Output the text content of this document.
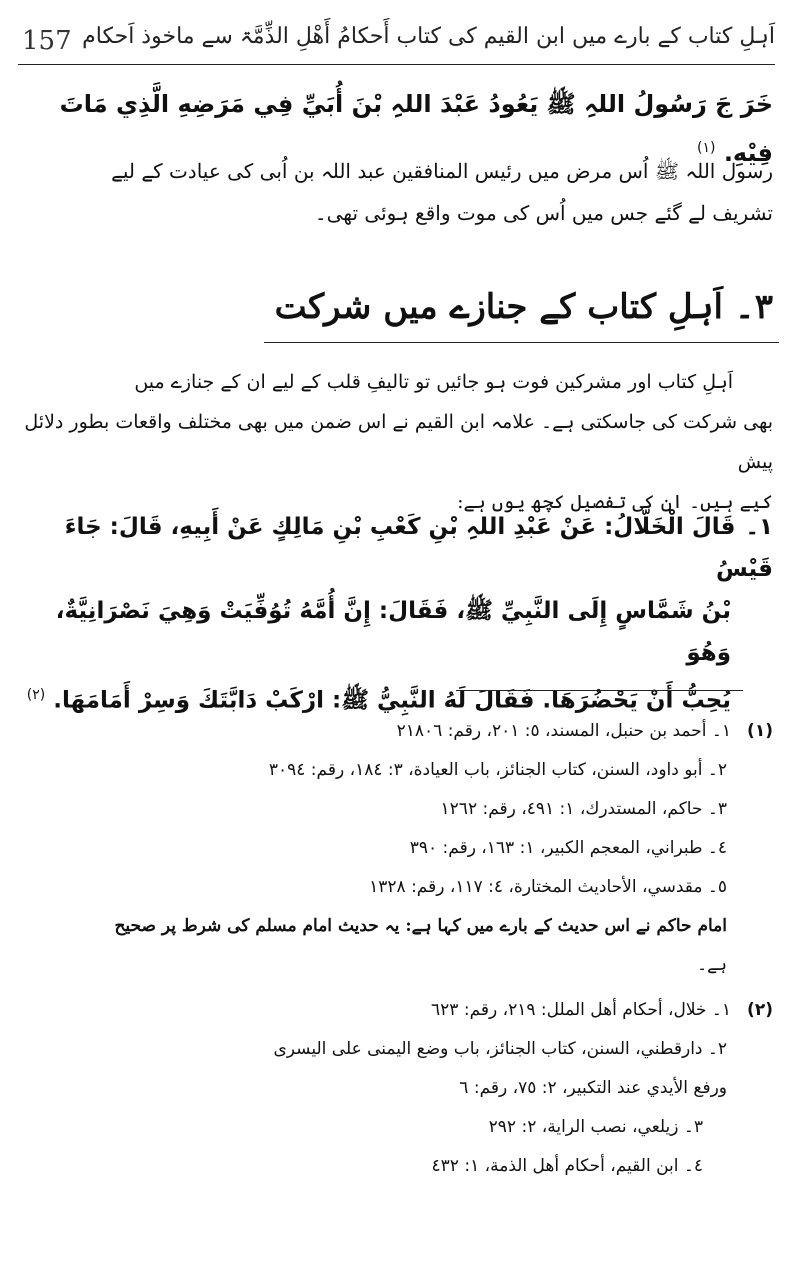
157 اَہلِ کتاب کے بارے میں ابن القیم کی کتاب أَحکامُ أَھْلِ الذِّمَّۃ سے ماخوذ اَحکام
خَرَ جَ رَسُولُ اللہِ ﷺ يَعُودُ عَبْدَ اللہِ بْنَ أُبَيِّ فِي مَرَضِهِ الَّذِي مَاتَ فِيْهِ. $^{(١)}$
رسول اللہ ﷺ اُس مرض میں رئیس المنافقین عبد اللہ بن اُبی کی عیادت کے لیے
تشریف لے گئے جس میں اُس کی موت واقع ہوئی تھی۔
٣۔ اَہلِ کتاب کے جنازے میں شرکت
اَہلِ کتاب اور مشرکین فوت ہو جائیں تو تالیفِ قلب کے لیے ان کے جنازے میں
بھی شرکت کی جاسکتی ہے۔ علامہ ابن القیم نے اس ضمن میں بھی مختلف واقعات بطور دلائل پیش
کیے ہیں۔ ان کی تفصیل کچھ یوں ہے:
١۔قَالَ الْخَلَّالُ: عَنْ عَبْدِ اللہِ بْنِ كَعْبِ بْنِ مَالِكٍ عَنْ أَبِيهِ، قَالَ: جَاءَ قَيْسُ
بْنُ شَمَّاسٍ إِلَى النَّبِيِّ ﷺ، فَقَالَ: إِنَّ أُمَّهُ تُوُفِّيَتْ وَهِيَ نَصْرَانِيَّةٌ، وَهُوَ
يُحِبُّ أَنْ يَحْضُرَهَا. فَقَالَ لَهُ النَّبِيُّ ﷺ: ارْكَبْ دَابَّتَكَ وَسِرْ أَمَامَهَا. $^{(٢)}$
(١)١۔ أحمد بن حنبل، المسند، ٥: ٢٠١، رقم: ٢١٨٠٦
٢۔ أبو داود، السنن، كتاب الجنائز، باب العيادة، ٣: ١٨٤، رقم: ٣٠٩٤
٣۔ حاكم، المستدرك، ١: ٤٩١، رقم: ١٢٦٢
٤۔ طبراني، المعجم الكبير، ١: ١٦٣، رقم: ٣٩٠
٥۔ مقدسي، الأحاديث المختارة، ٤: ١١٧، رقم: ١٣٢٨
امام حاکم نے اس حدیث کے بارے میں کہا ہے: یہ حدیث امام مسلم کی شرط پر صحیح
ہے۔
(٢)١۔ خلال، أحكام أهل الملل: ٢١٩، رقم: ٦٢٣
٢۔ دارقطني، السنن، كتاب الجنائز، باب وضع اليمنى على اليسرى
ورفع الأيدي عند التكبير، ٢: ٧٥، رقم: ٦
٣۔ زيلعي، نصب الراية، ٢: ٢٩٢
٤۔ ابن القيم، أحكام أهل الذمة، ١: ٤٣٢
